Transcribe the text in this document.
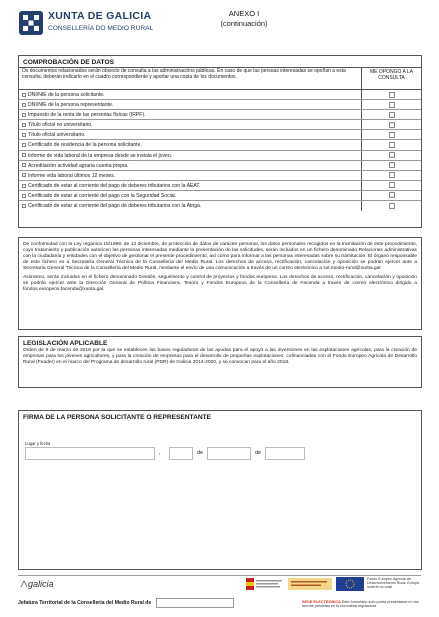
XUNTA DE GALICIA
CONSELLERÍA DO MEDIO RURAL
ANEXO I
(continuación)
COMPROBACIÓN DE DATOS
Os documentos relacionados serán obxecto de consulta a las administracións públicas. En caso de que las persoas interesadas se opoñan a esta consulta, deberán indicarlo en el cuadro correspondiente y aportar una copia de los documentos.
ME OPONGO A LA CONSULTA
DNI/NIE de la persona solicitante.
DNI/NIE de la persona representante.
Impuesto de la renta de las personas físicas (IRPF).
Título oficial no universitario.
Título oficial universitario.
Certificado de residencia de la persona solicitante.
Informe de vida laboral de la empresa desde se instala el joven.
Acreditación actividad agraria cuenta propia.
Informe vida laboral últimos 12 meses.
Certificado de estar al corriente del pago de deberes tributarios con la AEAT.
Certificado de estar al corriente del pago con la Seguridad Social.
Certificado de estar al corriente del pago de deberes tributarios con la Atriga.

De conformidad con la Ley orgánica 15/1999, de 13 diciembre, de protección de datos de carácter personal, los datos personales recogidos en la tramitación de este procedimiento, cuyo tratamiento y publicación autoricen las personas interesadas mediante la presentación de las solicitudes, serán incluidos en un fichero denominado Relaciones administrativas con la ciudadanía y entidades con el objetivo de gestionar el presente procedimiento, así como para informar a las personas interesadas sobre su tramitación. El órgano responsable de este fichero es a Secretaría General Técnica de la Consellería del Medio Rural. Los derechos de acceso, rectificación, cancelación y oposición se podrán ejercer ante a Secretaría General Técnica de la Consellería del Medio Rural, mediante el envío de una comunicación a través de un correo electrónico a sxt.medio-rural@xunta.gal

Asimismo, serán incluidos en el fichero denominado Gestión, seguimiento y control de proyectos y fondos europeos. Los derechos de acceso, rectificación, cancelación y oposición se podrán ejercer ante la Dirección General de Política Financiera, Tesoro y Fondos Europeos de la Consellería de Facenda a través de correo electrónico dirigido a fondos.europeos.facenda@xunta.gal.

LEGISLACIÓN APLICABLE

Orden de 9 de marzo de 2018 por la que se establecen las bases reguladoras de las ayudas para el apoyo a las inversiones en las explotaciones agrícolas, para la creación de empresas para los jóvenes agricultores, y para la creación de empresas para el desarrollo de pequeñas explotaciones, cofinanciadas con el Fondo Europeo Agrícola de Desarrollo Rural (Feader) en el marco del Programa de desarrollo rural (PDR) de Galicia 2014-2020, y se convocan para el año 2018.

FIRMA DE LA PERSONA SOLICITANTE O REPRESENTANTE
Lugar y fecha
,	de	de
galicia	Fondo Europeo Agrícola de Desenvolvemento Rural. Europa invierte no rural
Jefatura Territorial de la Consellería del Medio Rural de	SEDE ELECTRÓNICA Este formulario solo podrá presentarse en las formas previstas en la normativa reguladora
